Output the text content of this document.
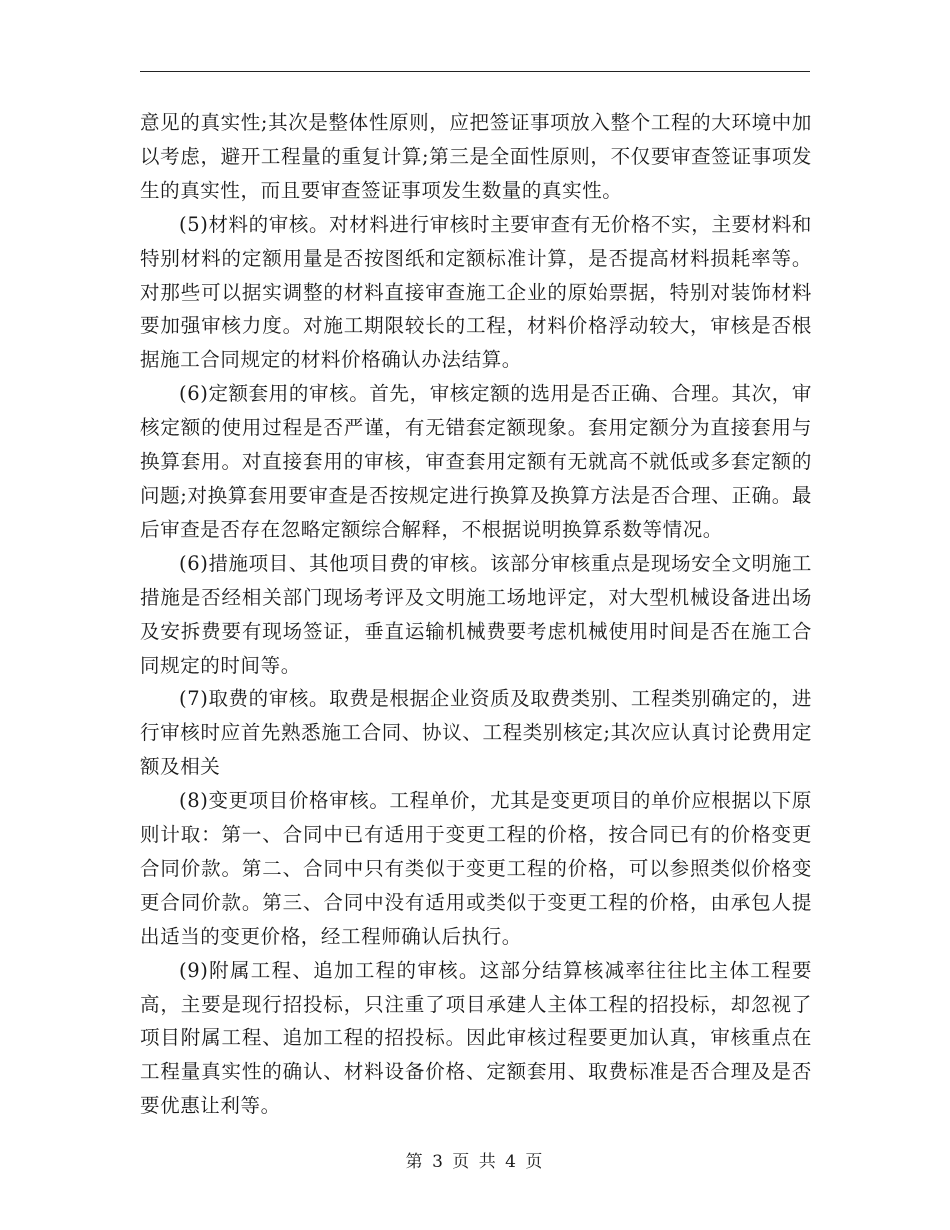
意见的真实性;其次是整体性原则，应把签证事项放入整个工程的大环境中加以考虑，避开工程量的重复计算;第三是全面性原则，不仅要审查签证事项发生的真实性，而且要审查签证事项发生数量的真实性。

(5)材料的审核。对材料进行审核时主要审查有无价格不实，主要材料和特别材料的定额用量是否按图纸和定额标准计算，是否提高材料损耗率等。对那些可以据实调整的材料直接审查施工企业的原始票据，特别对装饰材料要加强审核力度。对施工期限较长的工程，材料价格浮动较大，审核是否根据施工合同规定的材料价格确认办法结算。

(6)定额套用的审核。首先，审核定额的选用是否正确、合理。其次，审核定额的使用过程是否严谨，有无错套定额现象。套用定额分为直接套用与换算套用。对直接套用的审核，审查套用定额有无就高不就低或多套定额的问题;对换算套用要审查是否按规定进行换算及换算方法是否合理、正确。最后审查是否存在忽略定额综合解释，不根据说明换算系数等情况。

(6)措施项目、其他项目费的审核。该部分审核重点是现场安全文明施工措施是否经相关部门现场考评及文明施工场地评定，对大型机械设备进出场及安拆费要有现场签证，垂直运输机械费要考虑机械使用时间是否在施工合同规定的时间等。

(7)取费的审核。取费是根据企业资质及取费类别、工程类别确定的，进行审核时应首先熟悉施工合同、协议、工程类别核定;其次应认真讨论费用定额及相关

(8)变更项目价格审核。工程单价，尤其是变更项目的单价应根据以下原则计取：第一、合同中已有适用于变更工程的价格，按合同已有的价格变更合同价款。第二、合同中只有类似于变更工程的价格，可以参照类似价格变更合同价款。第三、合同中没有适用或类似于变更工程的价格，由承包人提出适当的变更价格，经工程师确认后执行。

(9)附属工程、追加工程的审核。这部分结算核减率往往比主体工程要高，主要是现行招投标，只注重了项目承建人主体工程的招投标，却忽视了项目附属工程、追加工程的招投标。因此审核过程要更加认真，审核重点在工程量真实性的确认、材料设备价格、定额套用、取费标准是否合理及是否要优惠让利等。

第 3 页 共 4 页
